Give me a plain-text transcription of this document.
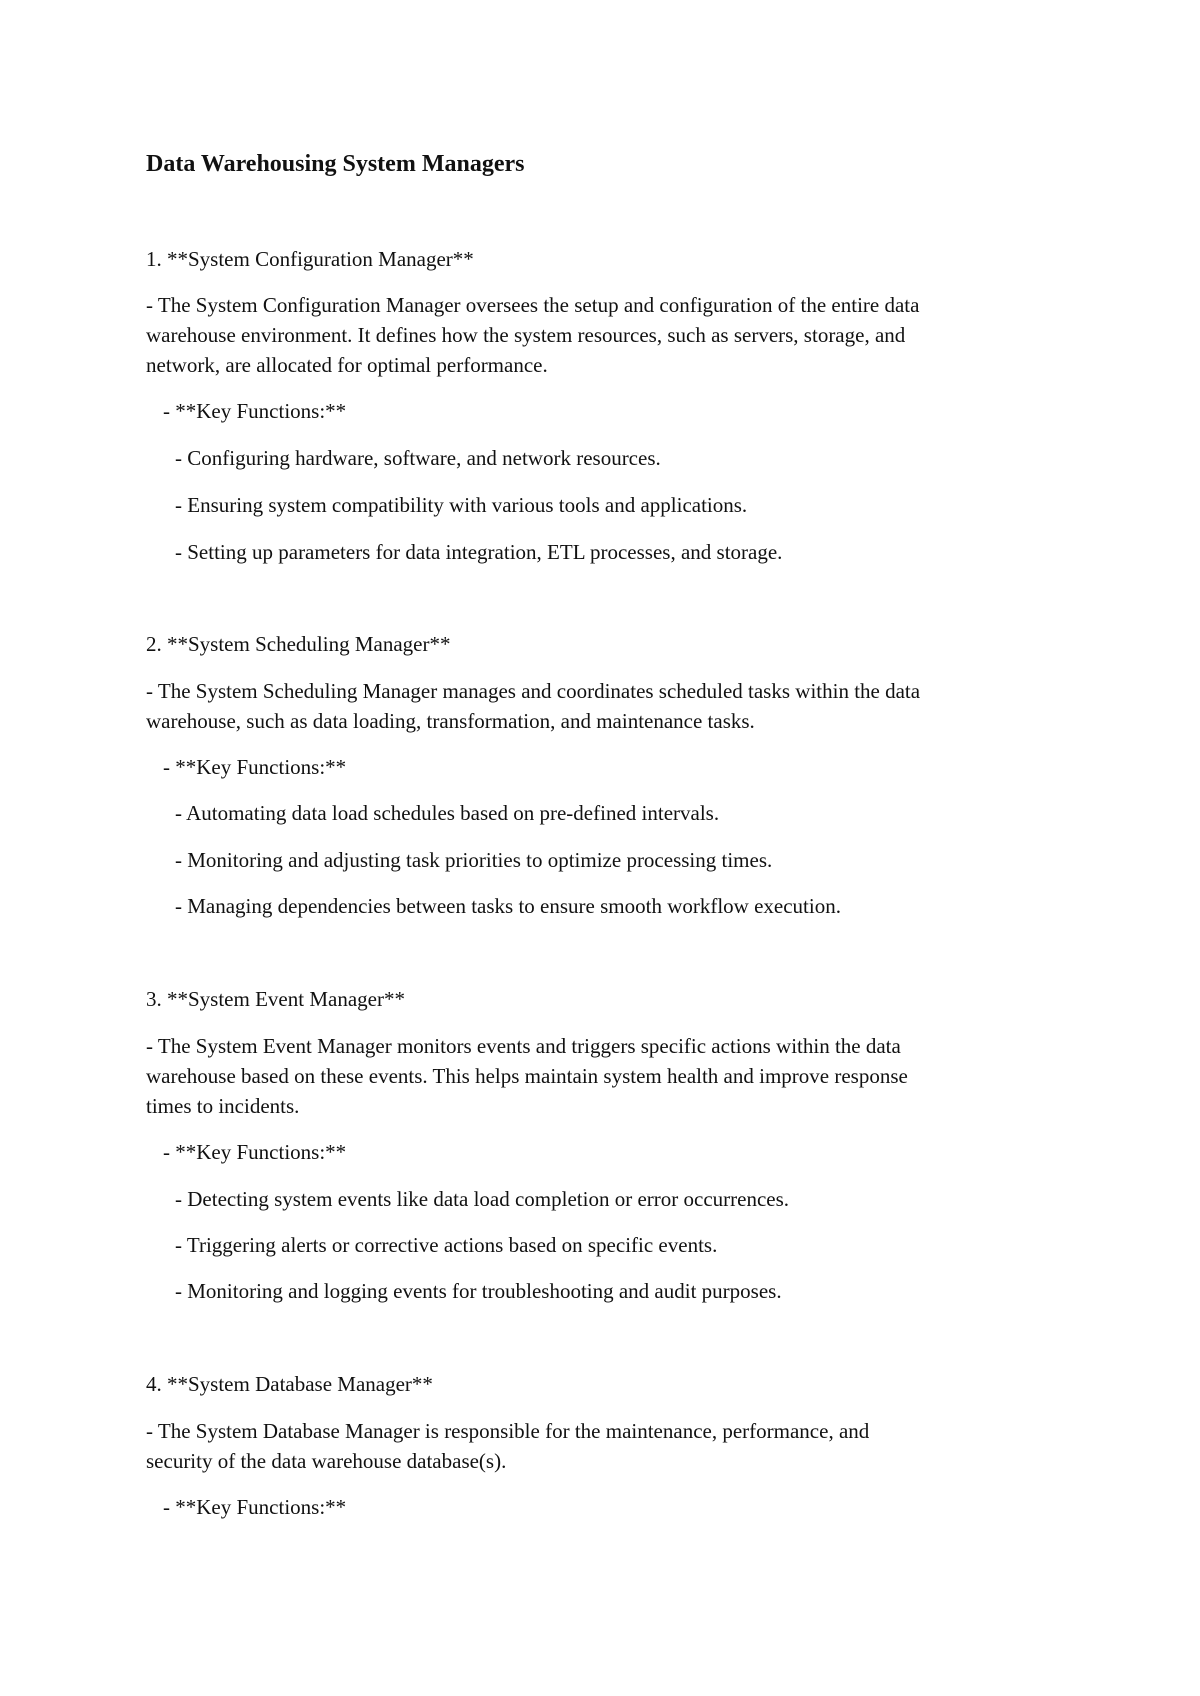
Data Warehousing System Managers
1. **System Configuration Manager**
- The System Configuration Manager oversees the setup and configuration of the entire data
warehouse environment. It defines how the system resources, such as servers, storage, and
network, are allocated for optimal performance.
- **Key Functions:**
- Configuring hardware, software, and network resources.
- Ensuring system compatibility with various tools and applications.
- Setting up parameters for data integration, ETL processes, and storage.
2. **System Scheduling Manager**
- The System Scheduling Manager manages and coordinates scheduled tasks within the data
warehouse, such as data loading, transformation, and maintenance tasks.
- **Key Functions:**
- Automating data load schedules based on pre-defined intervals.
- Monitoring and adjusting task priorities to optimize processing times.
- Managing dependencies between tasks to ensure smooth workflow execution.
3. **System Event Manager**
- The System Event Manager monitors events and triggers specific actions within the data
warehouse based on these events. This helps maintain system health and improve response
times to incidents.
- **Key Functions:**
- Detecting system events like data load completion or error occurrences.
- Triggering alerts or corrective actions based on specific events.
- Monitoring and logging events for troubleshooting and audit purposes.
4. **System Database Manager**
- The System Database Manager is responsible for the maintenance, performance, and
security of the data warehouse database(s).
- **Key Functions:**
